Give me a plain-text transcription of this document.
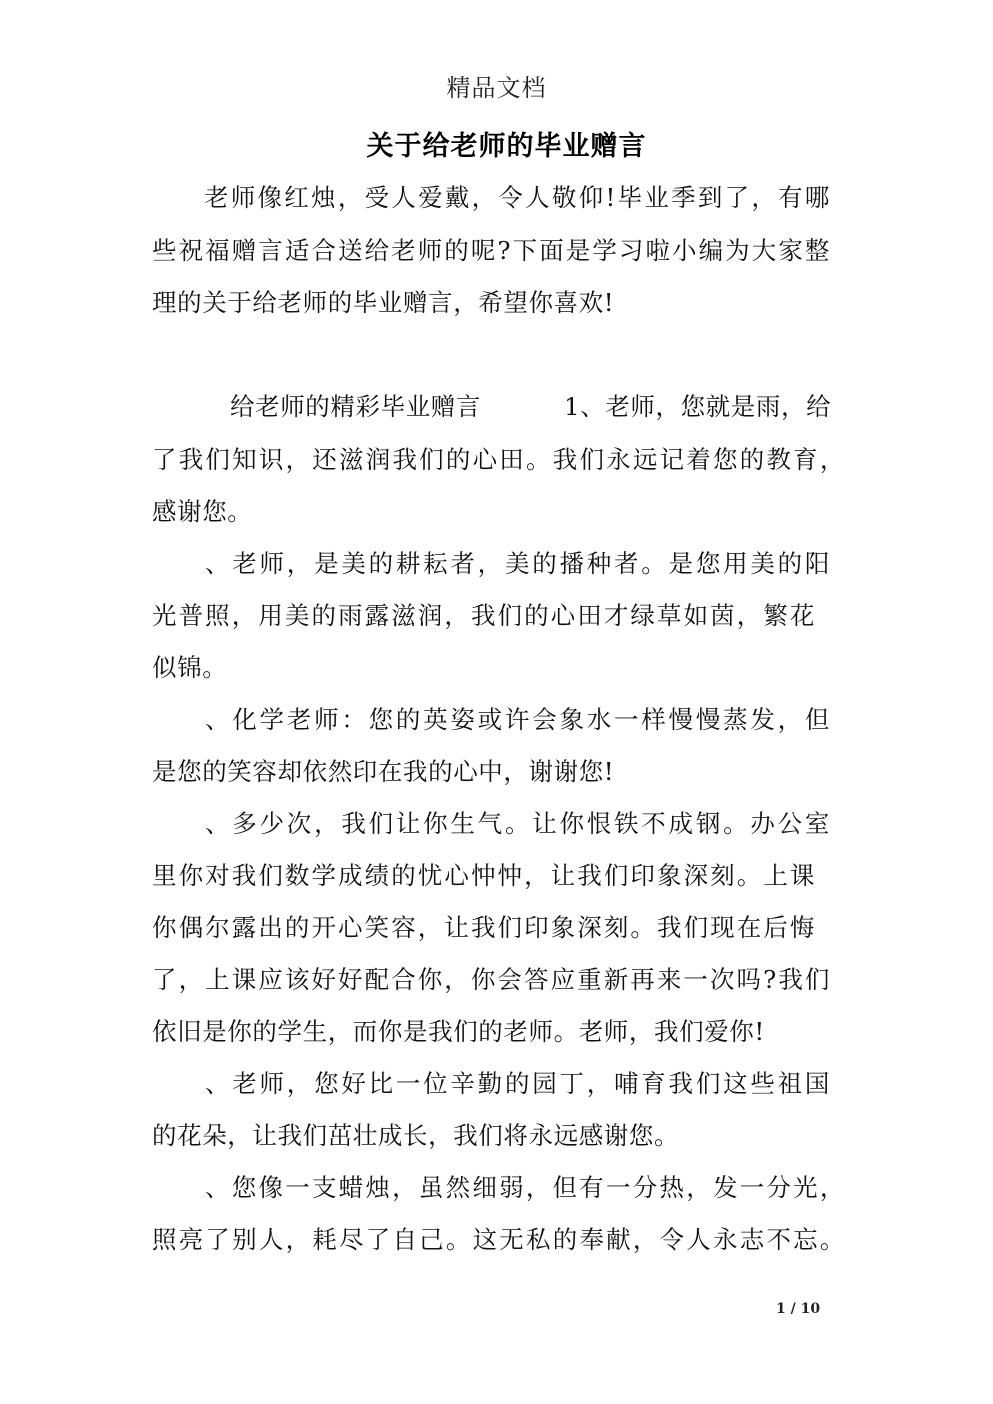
精品文档
关于给老师的毕业赠言
老师像红烛，受人爱戴，令人敬仰!毕业季到了，有哪
些祝福赠言适合送给老师的呢?下面是学习啦小编为大家整
理的关于给老师的毕业赠言，希望你喜欢!
给老师的精彩毕业赠言	1、老师，您就是雨，给
了我们知识，还滋润我们的心田。我们永远记着您的教育，
感谢您。
、老师，是美的耕耘者，美的播种者。是您用美的阳
光普照，用美的雨露滋润，我们的心田才绿草如茵，繁花
似锦。
、化学老师：您的英姿或许会象水一样慢慢蒸发，但
是您的笑容却依然印在我的心中，谢谢您!
、多少次，我们让你生气。让你恨铁不成钢。办公室
里你对我们数学成绩的忧心忡忡，让我们印象深刻。上课
你偶尔露出的开心笑容，让我们印象深刻。我们现在后悔
了，上课应该好好配合你，你会答应重新再来一次吗?我们
依旧是你的学生，而你是我们的老师。老师，我们爱你!
、老师，您好比一位辛勤的园丁，哺育我们这些祖国
的花朵，让我们茁壮成长，我们将永远感谢您。
、您像一支蜡烛，虽然细弱，但有一分热，发一分光，
照亮了别人，耗尽了自己。这无私的奉献，令人永志不忘。
1 / 10
